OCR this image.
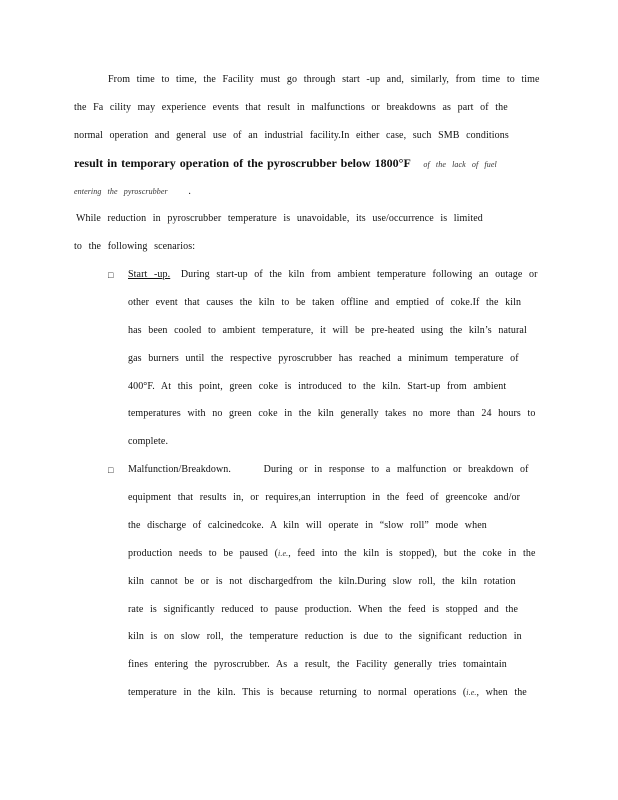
From time to time, the Facility must go through start -up and, similarly, from time to time
the Fa cility may experience events that result in malfunctions or breakdowns as part of the
normal operation and general use of an industrial facility.In either case, such SMB conditions
result in temporary operation of the pyroscrubber below 1800°F of the lack of fuel
entering the pyroscrubber .
While reduction in pyroscrubber temperature is unavoidable, its use/occurrence is limited
to the following scenarios:
□ Start -up. During start-up of the kiln from ambient temperature following an outage or
other event that causes the kiln to be taken offline and emptied of coke.If the kiln
has been cooled to ambient temperature, it will be pre-heated using the kiln’s natural
gas burners until the respective pyroscrubber has reached a minimum temperature of
400°F. At this point, green coke is introduced to the kiln. Start-up from ambient
temperatures with no green coke in the kiln generally takes no more than 24 hours to
complete.
□ Malfunction/Breakdown.	During or in response to a malfunction or breakdown of
equipment that results in, or requires,an interruption in the feed of greencoke and/or
the discharge of calcinedcoke. A kiln will operate in “slow roll” mode when
production needs to be paused (i.e., feed into the kiln is stopped), but the coke in the
kiln cannot be or is not dischargedfrom the kiln.During slow roll, the kiln rotation
rate is significantly reduced to pause production. When the feed is stopped and the
kiln is on slow roll, the temperature reduction is due to the significant reduction in
fines entering the pyroscrubber. As a result, the Facility generally tries tomaintain
temperature in the kiln. This is because returning to normal operations (i.e., when the
